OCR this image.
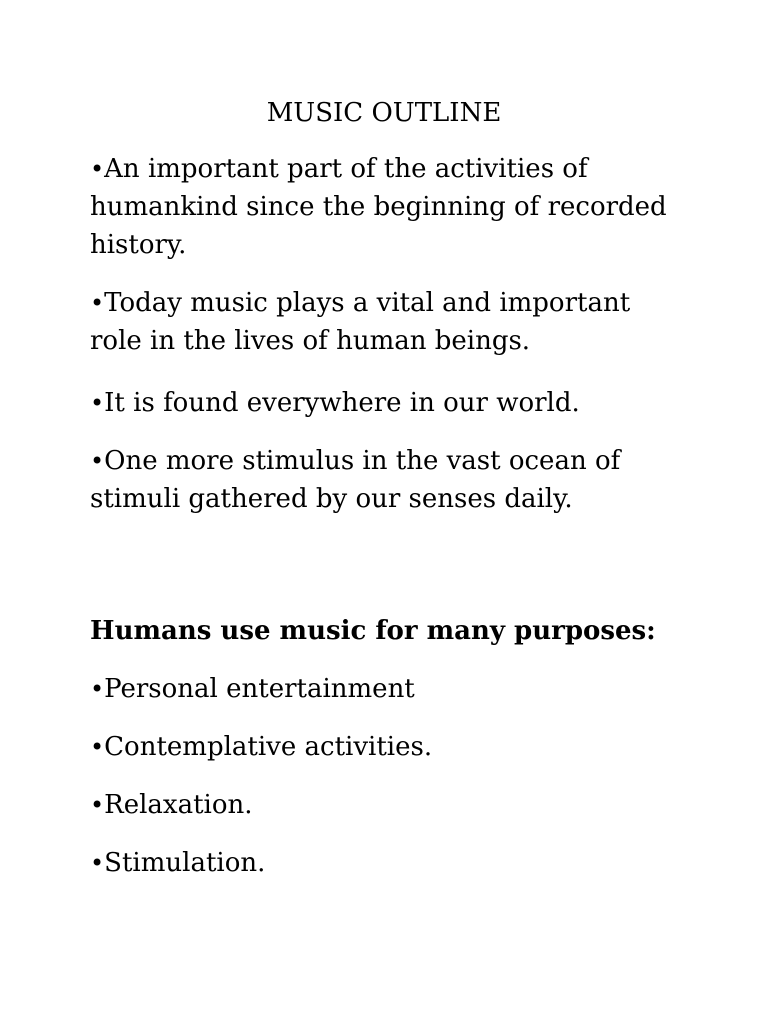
MUSIC OUTLINE

•An important part of the activities of
humankind since the beginning of recorded
history.

•Today music plays a vital and important
role in the lives of human beings.

•It is found everywhere in our world.

•One more stimulus in the vast ocean of
stimuli gathered by our senses daily.

Humans use music for many purposes:

•Personal entertainment

•Contemplative activities.

•Relaxation.

•Stimulation.
